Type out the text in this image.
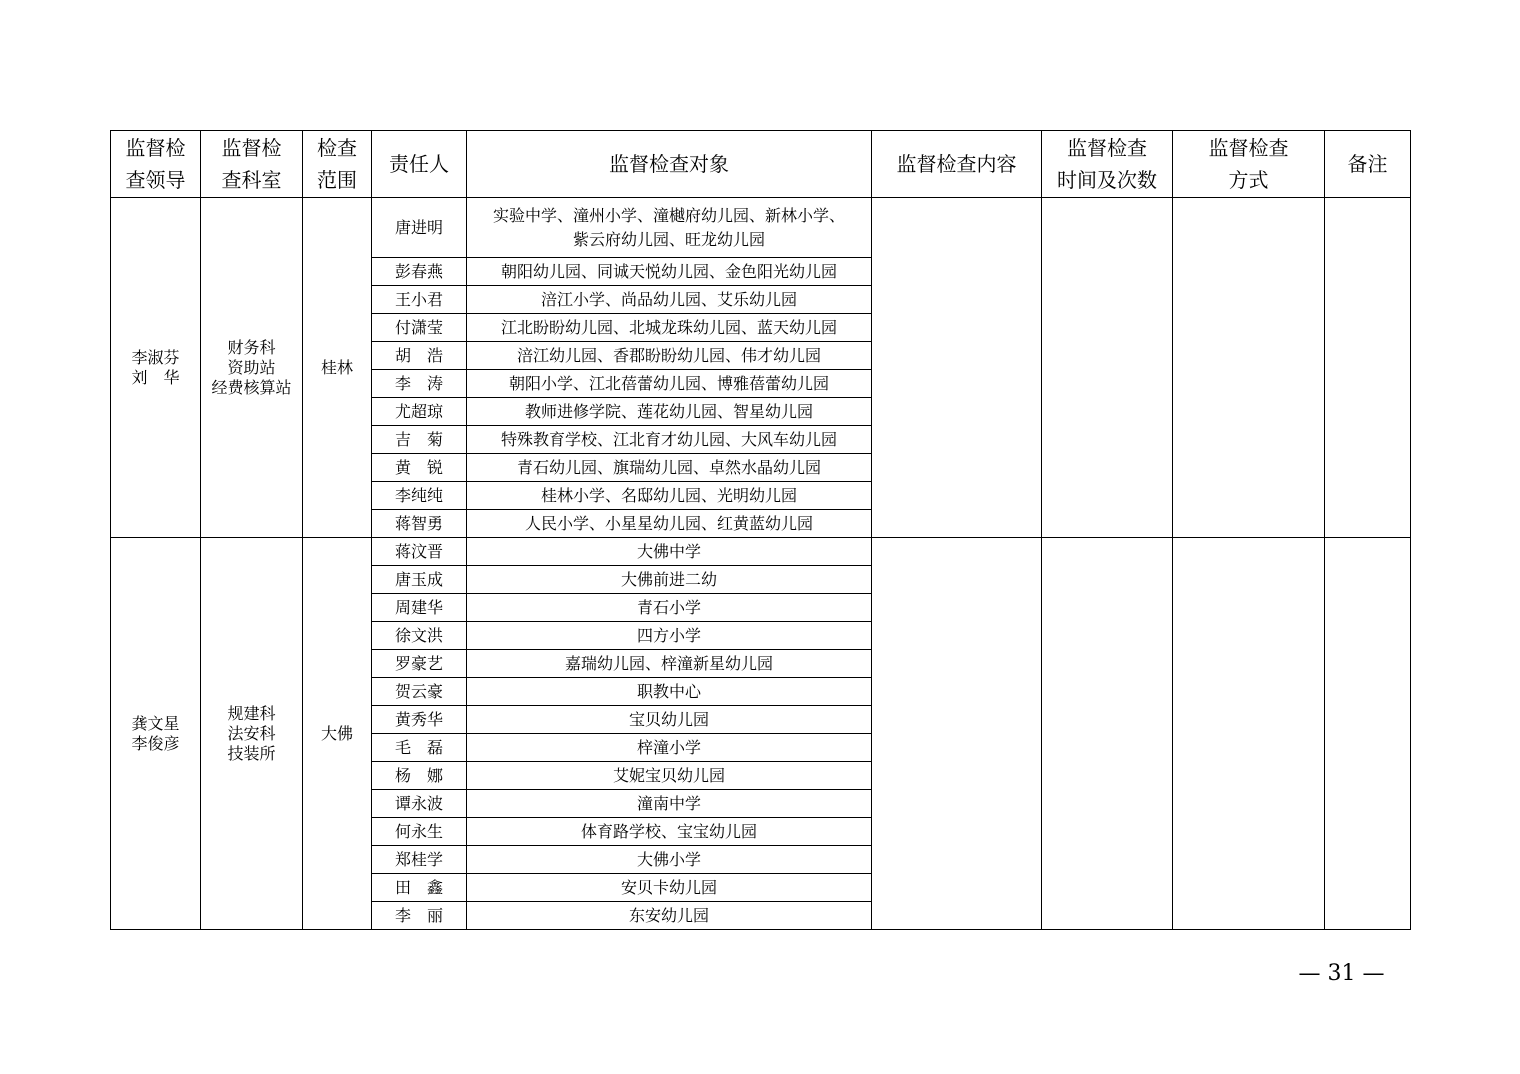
监督检
查领导	监督检
查科室	检查
范围	责任人	监督检查对象	监督检查内容	监督检查
时间及次数	监督检查
方式	备注

李淑芬
刘　华	财务科
资助站
经费核算站	桂林	唐进明	实验中学、潼州小学、潼樾府幼儿园、新林小学、
紫云府幼儿园、旺龙幼儿园				

			彭春燕	朝阳幼儿园、同诚天悦幼儿园、金色阳光幼儿园				

			王小君	涪江小学、尚品幼儿园、艾乐幼儿园				

			付潇莹	江北盼盼幼儿园、北城龙珠幼儿园、蓝天幼儿园				

			胡　浩	涪江幼儿园、香郡盼盼幼儿园、伟才幼儿园				

			李　涛	朝阳小学、江北蓓蕾幼儿园、博雅蓓蕾幼儿园				

			尤超琼	教师进修学院、莲花幼儿园、智星幼儿园				

			吉　菊	特殊教育学校、江北育才幼儿园、大风车幼儿园				

			黄　锐	青石幼儿园、旗瑞幼儿园、卓然水晶幼儿园				

			李纯纯	桂林小学、名邸幼儿园、光明幼儿园				

			蒋智勇	人民小学、小星星幼儿园、红黄蓝幼儿园				

龚文星
李俊彦	规建科
法安科
技装所	大佛	蒋汶晋	大佛中学				

			唐玉成	大佛前进二幼				

			周建华	青石小学				

			徐文洪	四方小学				

			罗豪艺	嘉瑞幼儿园、梓潼新星幼儿园				

			贺云豪	职教中心				

			黄秀华	宝贝幼儿园				

			毛　磊	梓潼小学				

			杨　娜	艾妮宝贝幼儿园				

			谭永波	潼南中学				

			何永生	体育路学校、宝宝幼儿园				

			郑桂学	大佛小学				

			田　鑫	安贝卡幼儿园				

			李　丽	东安幼儿园				
— 31 —
